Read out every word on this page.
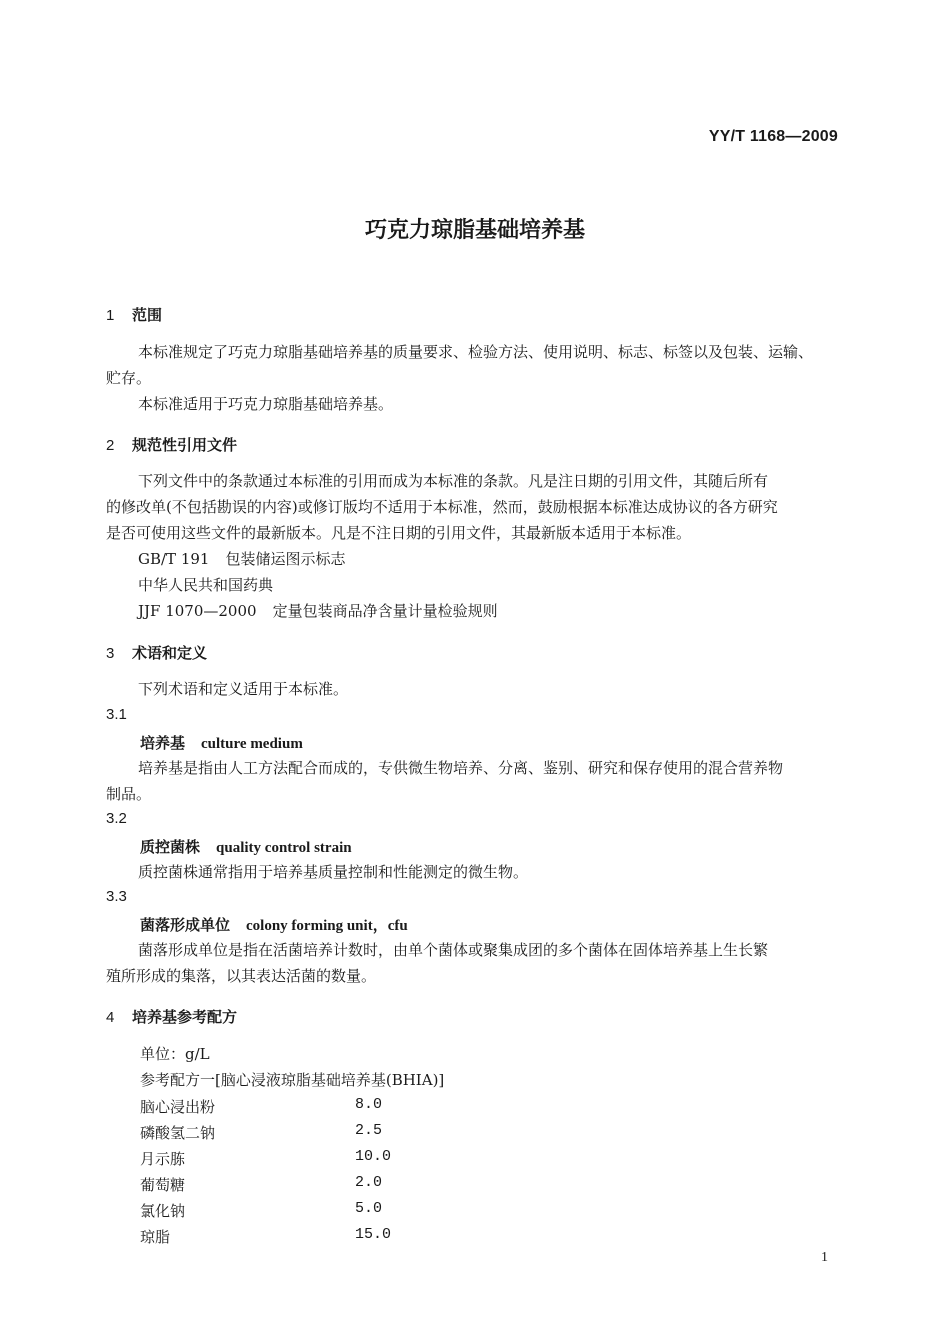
YY/T 1168—2009
巧克力琼脂基础培养基
1 范围
本标准规定了巧克力琼脂基础培养基的质量要求、检验方法、使用说明、标志、标签以及包装、运输、
贮存。
本标准适用于巧克力琼脂基础培养基。
2 规范性引用文件
下列文件中的条款通过本标准的引用而成为本标准的条款。凡是注日期的引用文件，其随后所有
的修改单(不包括勘误的内容)或修订版均不适用于本标准，然而，鼓励根据本标准达成协议的各方研究
是否可使用这些文件的最新版本。凡是不注日期的引用文件，其最新版本适用于本标准。
GB/T 191 包装储运图示标志
中华人民共和国药典
JJF 1070—2000 定量包装商品净含量计量检验规则
3 术语和定义
下列术语和定义适用于本标准。
3.1
培养基 culture medium
培养基是指由人工方法配合而成的，专供微生物培养、分离、鉴别、研究和保存使用的混合营养物
制品。
3.2
质控菌株 quality control strain
质控菌株通常指用于培养基质量控制和性能测定的微生物。
3.3
菌落形成单位 colony forming unit，cfu
菌落形成单位是指在活菌培养计数时，由单个菌体或聚集成团的多个菌体在固体培养基上生长繁
殖所形成的集落，以其表达活菌的数量。
4 培养基参考配方
单位：g/L
参考配方一[脑心浸液琼脂基础培养基(BHIA)]
脑心浸出粉	8.0
磷酸氢二钠	2.5
月示胨	10.0
葡萄糖	2.0
氯化钠	5.0
琼脂	15.0
1
